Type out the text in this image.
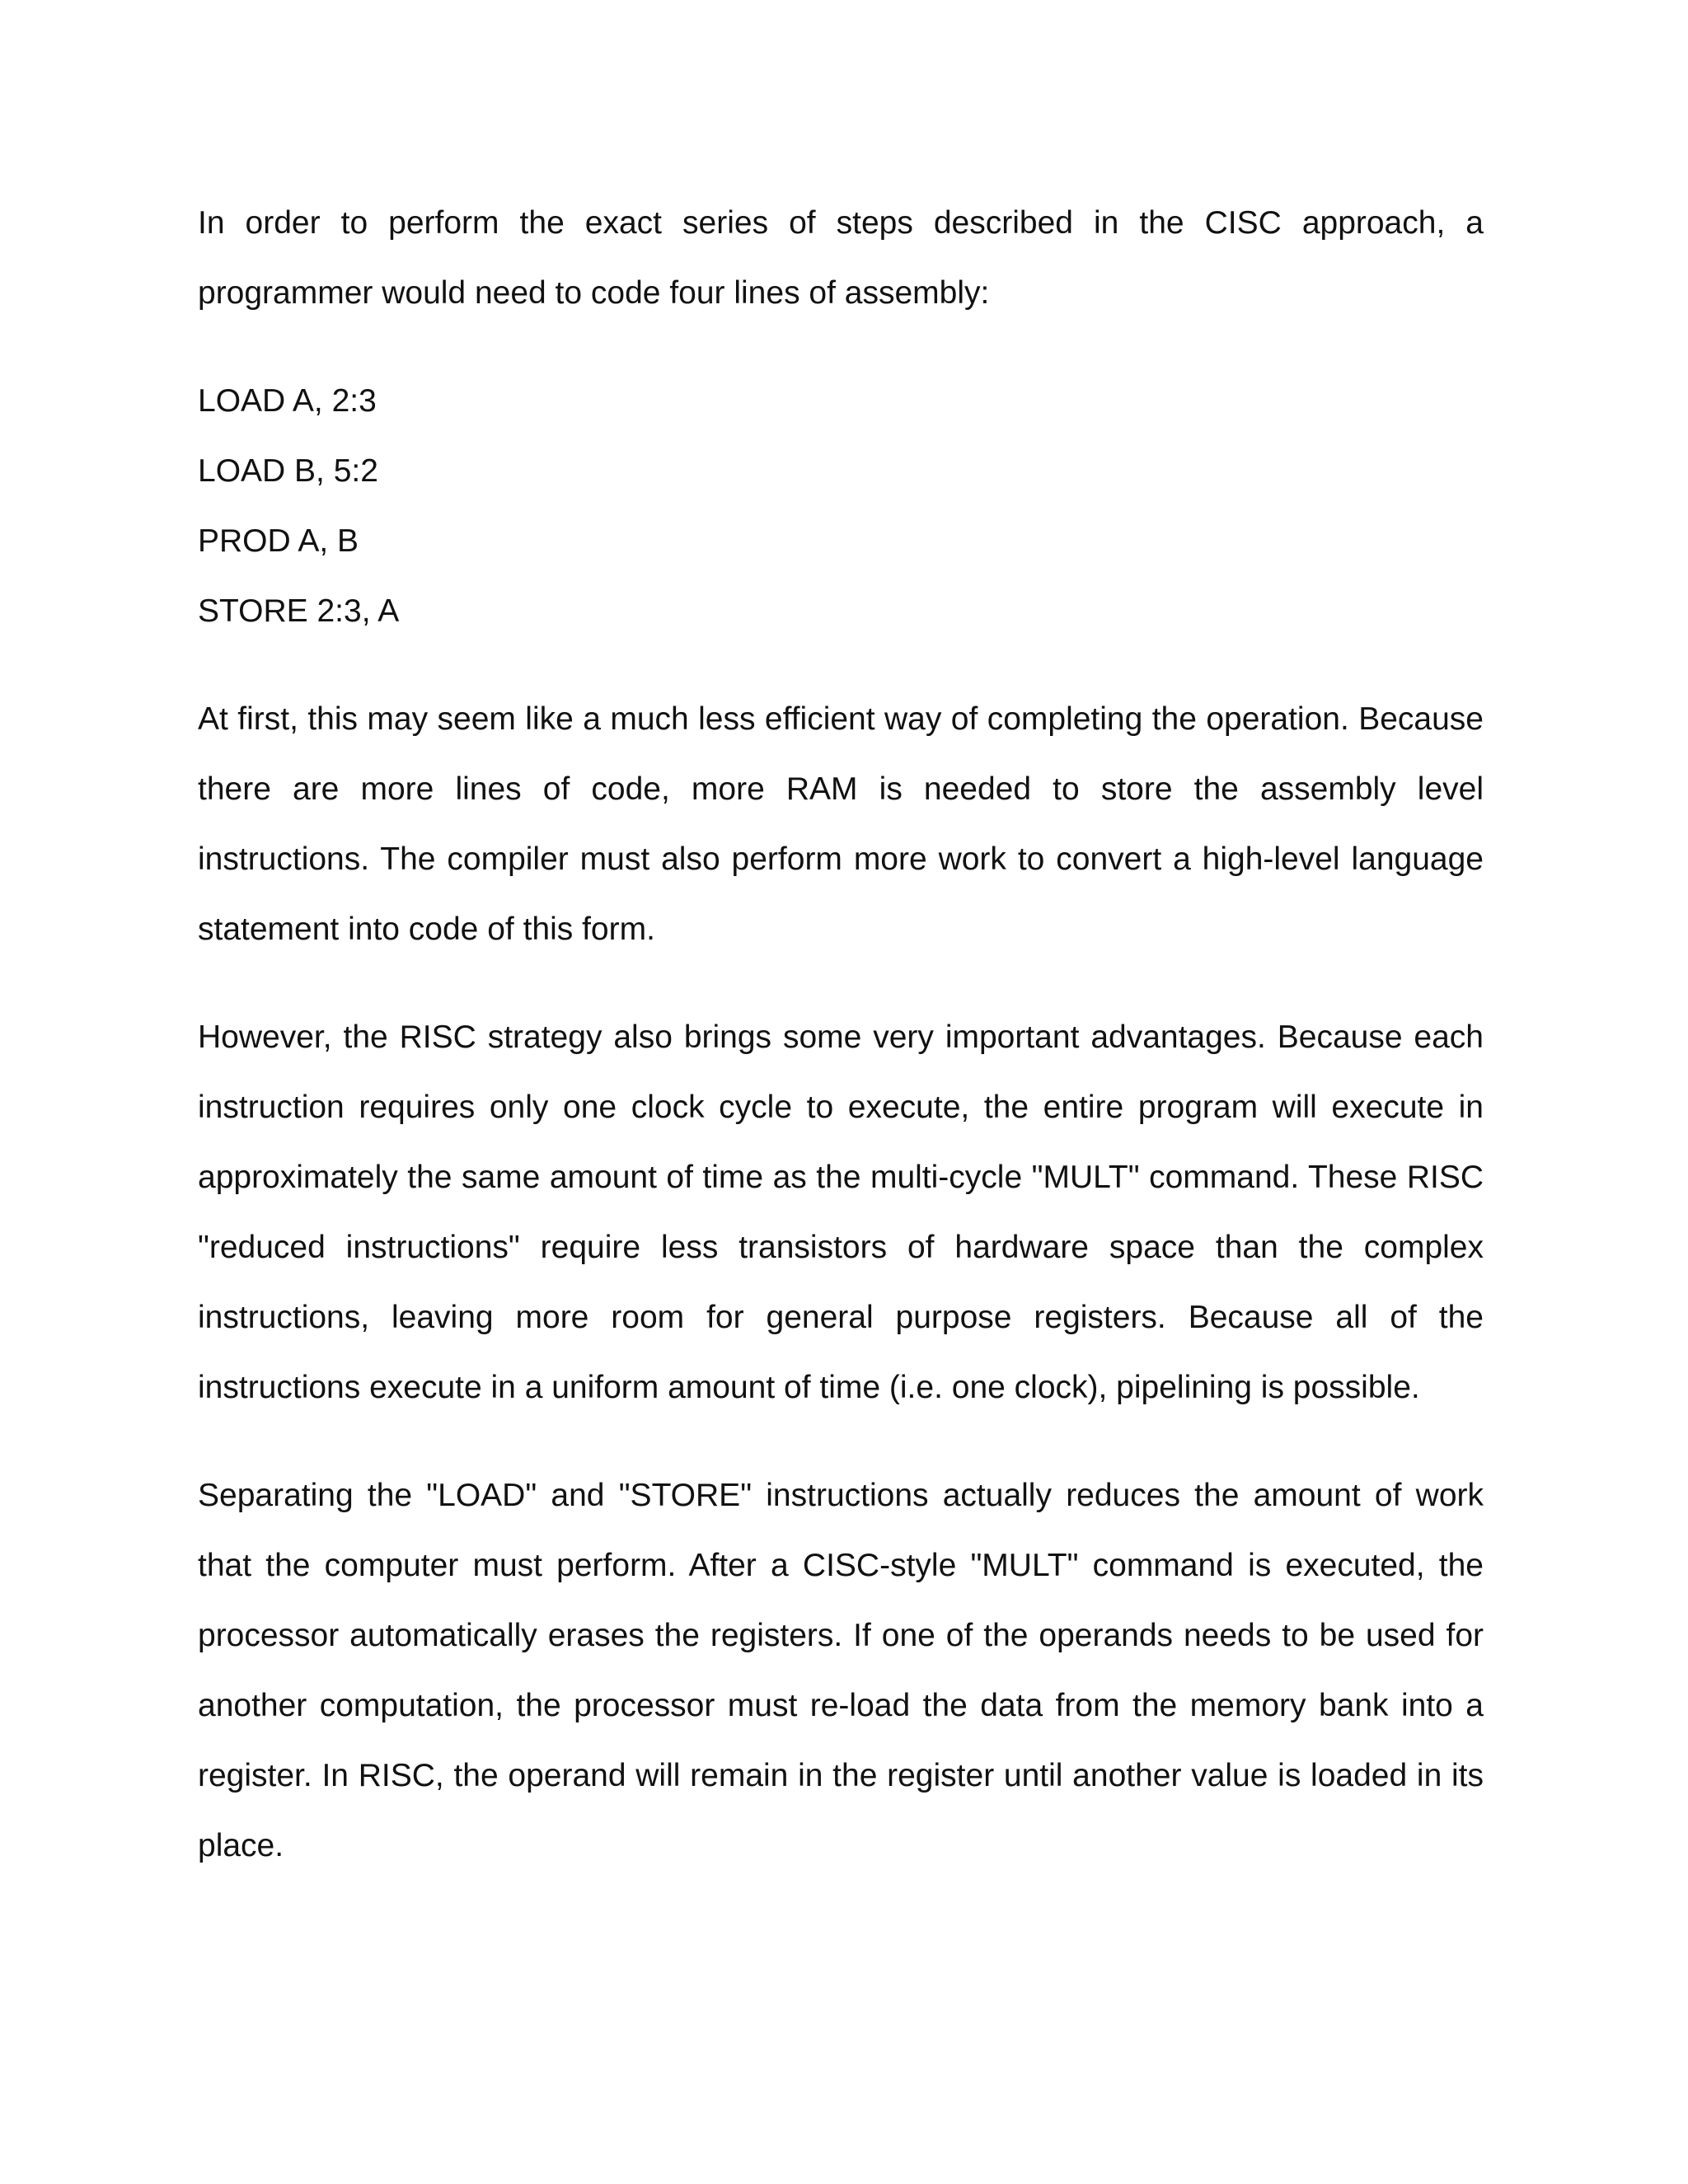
In order to perform the exact series of steps described in the CISC approach, a programmer would need to code four lines of assembly:

LOAD A, 2:3
LOAD B, 5:2
PROD A, B
STORE 2:3, A

At first, this may seem like a much less efficient way of completing the operation. Because there are more lines of code, more RAM is needed to store the assembly level instructions. The compiler must also perform more work to convert a high-level language statement into code of this form.

However, the RISC strategy also brings some very important advantages. Because each instruction requires only one clock cycle to execute, the entire program will execute in approximately the same amount of time as the multi-cycle "MULT" command. These RISC "reduced instructions" require less transistors of hardware space than the complex instructions, leaving more room for general purpose registers. Because all of the instructions execute in a uniform amount of time (i.e. one clock), pipelining is possible.

Separating the "LOAD" and "STORE" instructions actually reduces the amount of work that the computer must perform. After a CISC-style "MULT" command is executed, the processor automatically erases the registers. If one of the operands needs to be used for another computation, the processor must re-load the data from the memory bank into a register. In RISC, the operand will remain in the register until another value is loaded in its place.
